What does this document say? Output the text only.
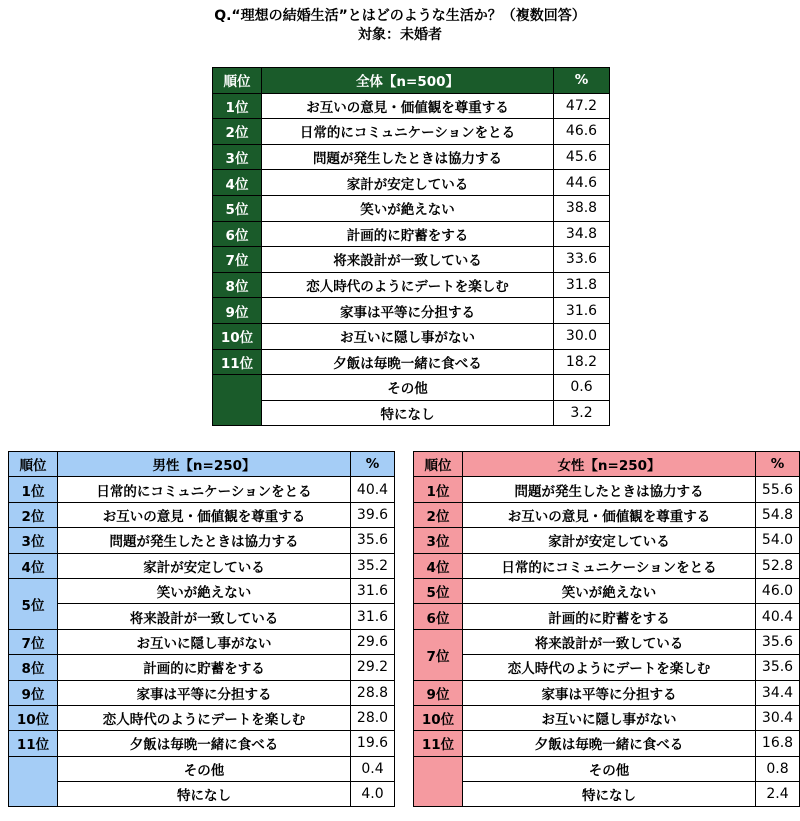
Q.“理想の結婚生活”とはどのような生活か？（複数回答）
対象：未婚者
順位	全体【n=500】	%
1位	お互いの意見・価値観を尊重する	47.2
2位	日常的にコミュニケーションをとる	46.6
3位	問題が発生したときは協力する	45.6
4位	家計が安定している	44.6
5位	笑いが絶えない	38.8
6位	計画的に貯蓄をする	34.8
7位	将来設計が一致している	33.6
8位	恋人時代のようにデートを楽しむ	31.8
9位	家事は平等に分担する	31.6
10位	お互いに隠し事がない	30.0
11位	夕飯は毎晩一緒に食べる	18.2
	その他	0.6
	特になし	3.2
順位	男性【n=250】	%
1位	日常的にコミュニケーションをとる	40.4
2位	お互いの意見・価値観を尊重する	39.6
3位	問題が発生したときは協力する	35.6
4位	家計が安定している	35.2
5位	笑いが絶えない	31.6
	将来設計が一致している	31.6
7位	お互いに隠し事がない	29.6
8位	計画的に貯蓄をする	29.2
9位	家事は平等に分担する	28.8
10位	恋人時代のようにデートを楽しむ	28.0
11位	夕飯は毎晩一緒に食べる	19.6
	その他	0.4
	特になし	4.0
順位	女性【n=250】	%
1位	問題が発生したときは協力する	55.6
2位	お互いの意見・価値観を尊重する	54.8
3位	家計が安定している	54.0
4位	日常的にコミュニケーションをとる	52.8
5位	笑いが絶えない	46.0
6位	計画的に貯蓄をする	40.4
7位	将来設計が一致している	35.6
	恋人時代のようにデートを楽しむ	35.6
9位	家事は平等に分担する	34.4
10位	お互いに隠し事がない	30.4
11位	夕飯は毎晩一緒に食べる	16.8
	その他	0.8
	特になし	2.4
